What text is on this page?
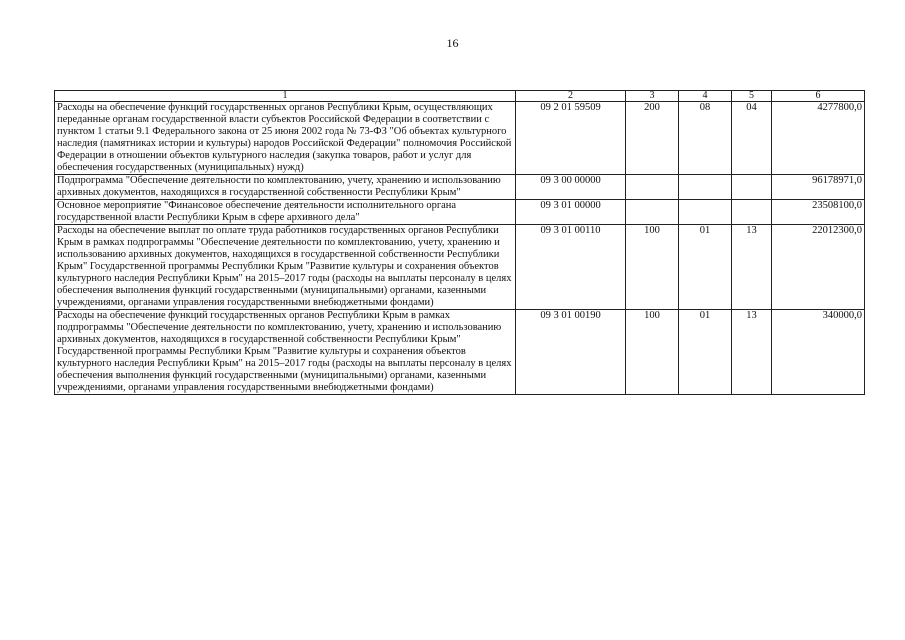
16
1	2	3	4	5	6
Расходы на обеспечение функций государственных органов Республики Крым, осуществляющих переданные органам государственной власти субъектов Российской Федерации в соответствии с пунктом 1 статьи 9.1 Федерального закона от 25 июня 2002 года № 73-ФЗ "Об объектах культурного наследия (памятниках истории и культуры) народов Российской Федерации" полномочия Российской Федерации в отношении объектов культурного наследия (закупка товаров, работ и услуг для обеспечения государственных (муниципальных) нужд)	09 2 01 59509	200	08	04	4277800,0
Подпрограмма "Обеспечение деятельности по комплектованию, учету, хранению и использованию архивных документов, находящихся в государственной собственности Республики Крым"	09 3 00 00000				96178971,0
Основное мероприятие "Финансовое обеспечение деятельности исполнительного органа государственной власти Республики Крым в сфере архивного дела"	09 3 01 00000				23508100,0
Расходы на обеспечение выплат по оплате труда работников государственных органов Республики Крым в рамках подпрограммы "Обеспечение деятельности по комплектованию, учету, хранению и использованию архивных документов, находящихся в государственной собственности Республики Крым" Государственной программы Республики Крым "Развитие культуры и сохранения объектов культурного наследия Республики Крым" на 2015–2017 годы (расходы на выплаты персоналу в целях обеспечения выполнения функций государственными (муниципальными) органами, казенными учреждениями, органами управления государственными внебюджетными фондами)	09 3 01 00110	100	01	13	22012300,0
Расходы на обеспечение функций государственных органов Республики Крым в рамках подпрограммы "Обеспечение деятельности по комплектованию, учету, хранению и использованию архивных документов, находящихся в государственной собственности Республики Крым" Государственной программы Республики Крым "Развитие культуры и сохранения объектов культурного наследия Республики Крым" на 2015–2017 годы (расходы на выплаты персоналу в целях обеспечения выполнения функций государственными (муниципальными) органами, казенными учреждениями, органами управления государственными внебюджетными фондами)	09 3 01 00190	100	01	13	340000,0
